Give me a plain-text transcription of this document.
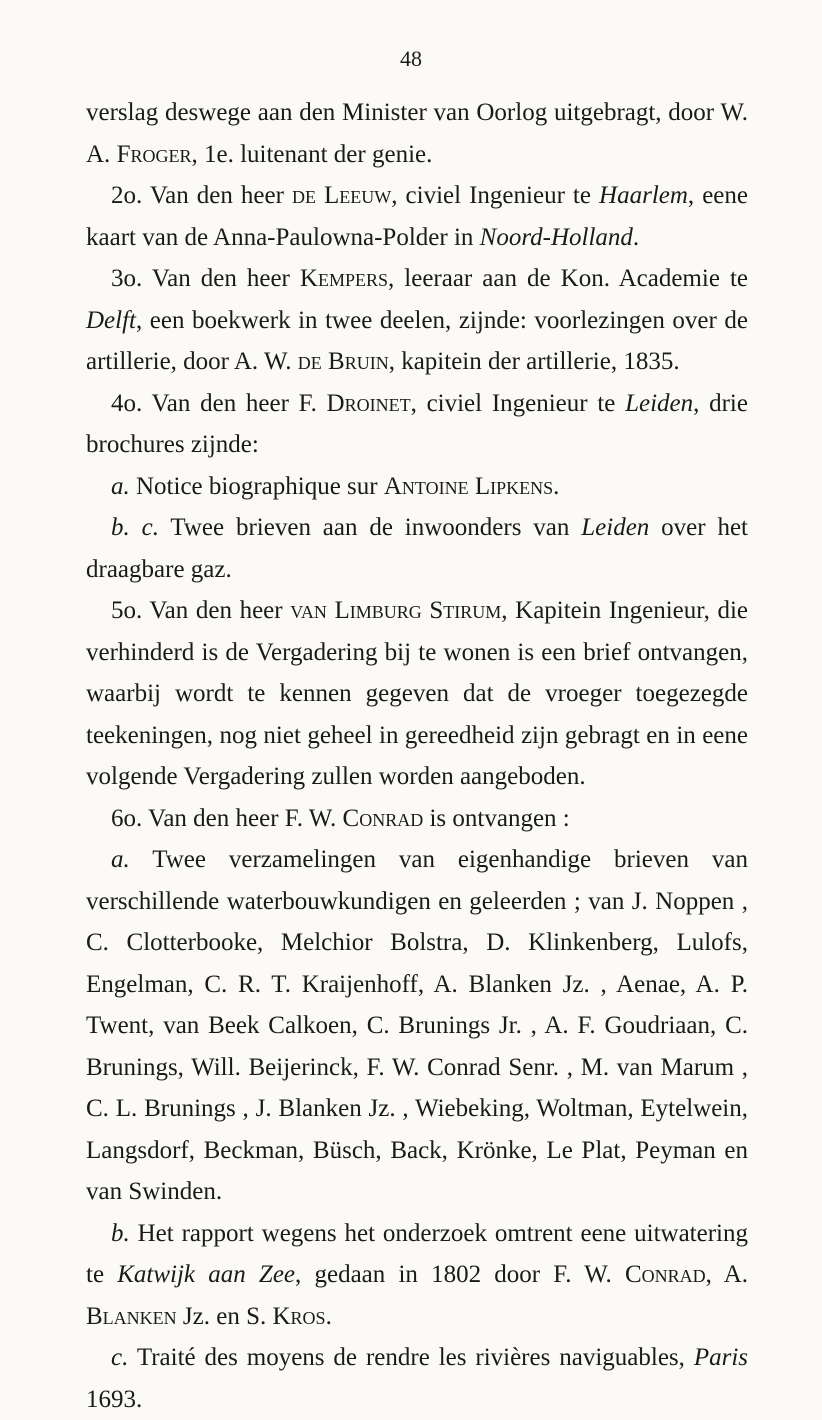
48

verslag deswege aan den Minister van Oorlog uitgebragt, door W. A. Froger, 1e. luitenant der genie.

2o. Van den heer de Leeuw, civiel Ingenieur te Haarlem, eene kaart van de Anna-Paulowna-Polder in Noord-Holland.

3o. Van den heer Kempers, leeraar aan de Kon. Academie te Delft, een boekwerk in twee deelen, zijnde: voorlezingen over de artillerie, door A. W. de Bruin, kapitein der artillerie, 1835.

4o. Van den heer F. Droinet, civiel Ingenieur te Leiden, drie brochures zijnde:

a. Notice biographique sur Antoine Lipkens.

b. c. Twee brieven aan de inwoonders van Leiden over het draagbare gaz.

5o. Van den heer van Limburg Stirum, Kapitein Ingenieur, die verhinderd is de Vergadering bij te wonen is een brief ontvangen, waarbij wordt te kennen gegeven dat de vroeger toegezegde teekeningen, nog niet geheel in gereedheid zijn gebragt en in eene volgende Vergadering zullen worden aangeboden.

6o. Van den heer F. W. Conrad is ontvangen :

a. Twee verzamelingen van eigenhandige brieven van verschillende waterbouwkundigen en geleerden ; van J. Noppen , C. Clotterbooke, Melchior Bolstra, D. Klinkenberg, Lulofs, Engelman, C. R. T. Kraijenhoff, A. Blanken Jz. , Aenae, A. P. Twent, van Beek Calkoen, C. Brunings Jr. , A. F. Goudriaan, C. Brunings, Will. Beijerinck, F. W. Conrad Senr. , M. van Marum , C. L. Brunings , J. Blanken Jz. , Wiebeking, Woltman, Eytelwein, Langsdorf, Beckman, Büsch, Back, Krönke, Le Plat, Peyman en van Swinden.

b. Het rapport wegens het onderzoek omtrent eene uitwatering te Katwijk aan Zee, gedaan in 1802 door F. W. Conrad, A. Blanken Jz. en S. Kros.

c. Traité des moyens de rendre les rivières naviguables, Paris 1693.
